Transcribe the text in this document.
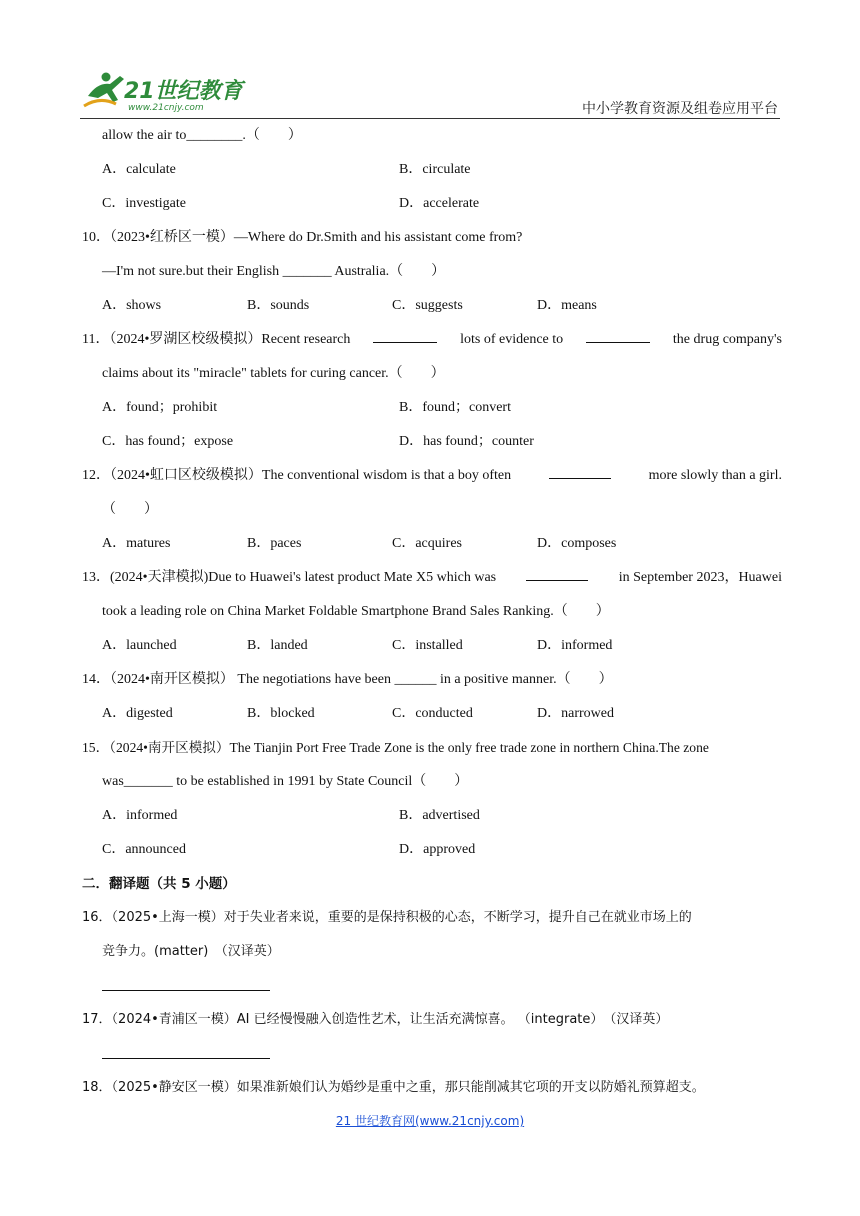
21世纪教育
www.21cnjy.com	中小学教育资源及组卷应用平台
allow the air to________.（　　）
A．calculate	B．circulate
C．investigate	D．accelerate
10．（2023•红桥区一模）—Where do Dr.Smith and his assistant come from?
—I'm not sure.but their English _______ Australia.（　　）
A．shows	B．sounds	C．suggests	D．means
11．（2024•罗湖区校级模拟）Recent research	lots of evidence to	the drug company's
claims about its "miracle" tablets for curing cancer.（　　）
A．found；prohibit	B．found；convert
C．has found；expose	D．has found；counter
12．（2024•虹口区校级模拟）The conventional wisdom is that a boy often	more slowly than a girl.
（　　）
A．matures	B．paces	C．acquires	D．composes
13．(2024•天津模拟)Due to Huawei's latest product Mate X5 which was	in September 2023，Huawei
took a leading role on China Market Foldable Smartphone Brand Sales Ranking.（　　）
A．launched	B．landed	C．installed	D．informed
14．（2024•南开区模拟） The negotiations have been ______ in a positive manner.（　　）
A．digested	B．blocked	C．conducted	D．narrowed
15．（2024•南开区模拟）The Tianjin Port Free Trade Zone is the only free trade zone in northern China.The zone
was_______ to be established in 1991 by State Council（　　）
A．informed	B．advertised
C．announced	D．approved
二．翻译题（共 5 小题）
16．（2025•上海一模）对于失业者来说，重要的是保持积极的心态，不断学习，提升自己在就业市场上的
竞争力。(matter)　（汉译英）
17．（2024•青浦区一模）AI 已经慢慢融入创造性艺术，让生活充满惊喜。 （integrate）　（汉译英）
18．（2025•静安区一模）如果准新娘们认为婚纱是重中之重，那只能削减其它项的开支以防婚礼预算超支。
21 世纪教育网(www.21cnjy.com)
